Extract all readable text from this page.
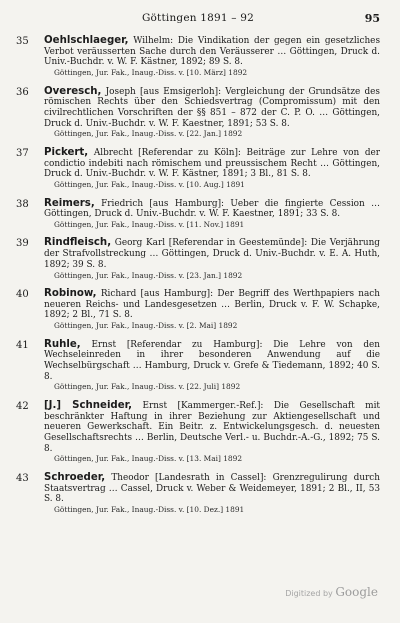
Göttingen 1891 – 92	95
35 Oehlschlaeger, Wilhelm: Die Vindikation der gegen ein gesetzliches Verbot veräusserten Sache durch den Veräusserer … Göttingen, Druck d. Univ.-Buchdr. v. W. F. Kästner, 1892; 89 S. 8.
Göttingen, Jur. Fak., Inaug.-Diss. v. [10. März] 1892
36 Overesch, Joseph [aus Emsigerloh]: Vergleichung der Grundsätze des römischen Rechts über den Schiedsvertrag (Compromissum) mit den civilrechtlichen Vorschriften der §§ 851 – 872 der C. P. O. … Göttingen, Druck d. Univ.-Buchdr. v. W. F. Kaestner, 1891; 53 S. 8.
Göttingen, Jur. Fak., Inaug.-Diss. v. [22. Jan.] 1892
37 Pickert, Albrecht [Referendar zu Köln]: Beiträge zur Lehre von der condictio indebiti nach römischem und preussischem Recht … Göttingen, Druck d. Univ.-Buchdr. v. W. F. Kästner, 1891; 3 Bl., 81 S. 8.
Göttingen, Jur. Fak., Inaug.-Diss. v. [10. Aug.] 1891
38 Reimers, Friedrich [aus Hamburg]: Ueber die fingierte Cession … Göttingen, Druck d. Univ.-Buchdr. v. W. F. Kaestner, 1891; 33 S. 8.
Göttingen, Jur. Fak., Inaug.-Diss. v. [11. Nov.] 1891
39 Rindfleisch, Georg Karl [Referendar in Geestemünde]: Die Verjährung der Strafvollstreckung … Göttingen, Druck d. Univ.-Buchdr. v. E. A. Huth, 1892; 39 S. 8.
Göttingen, Jur. Fak., Inaug.-Diss. v. [23. Jan.] 1892
40 Robinow, Richard [aus Hamburg]: Der Begriff des Werthpapiers nach neueren Reichs- und Landesgesetzen … Berlin, Druck v. F. W. Schapke, 1892; 2 Bl., 71 S. 8.
Göttingen, Jur. Fak., Inaug.-Diss. v. [2. Mai] 1892
41 Ruhle, Ernst [Referendar zu Hamburg]: Die Lehre von den Wechseleinreden in ihrer besonderen Anwendung auf die Wechselbürgschaft … Hamburg, Druck v. Grefe & Tiedemann, 1892; 40 S. 8.
Göttingen, Jur. Fak., Inaug.-Diss. v. [22. Juli] 1892
42 [J.] Schneider, Ernst [Kammerger.-Ref.]: Die Gesellschaft mit beschränkter Haftung in ihrer Beziehung zur Aktiengesellschaft und neueren Gewerkschaft. Ein Beitr. z. Entwickelungsgesch. d. neuesten Gesellschaftsrechts … Berlin, Deutsche Verl.- u. Buchdr.-A.-G., 1892; 75 S. 8.
Göttingen, Jur. Fak., Inaug.-Diss. v. [13. Mai] 1892
43 Schroeder, Theodor [Landesrath in Cassel]: Grenzregulirung durch Staatsvertrag … Cassel, Druck v. Weber & Weidemeyer, 1891; 2 Bl., II, 53 S. 8.
Göttingen, Jur. Fak., Inaug.-Diss. v. [10. Dez.] 1891
Digitized by Google
